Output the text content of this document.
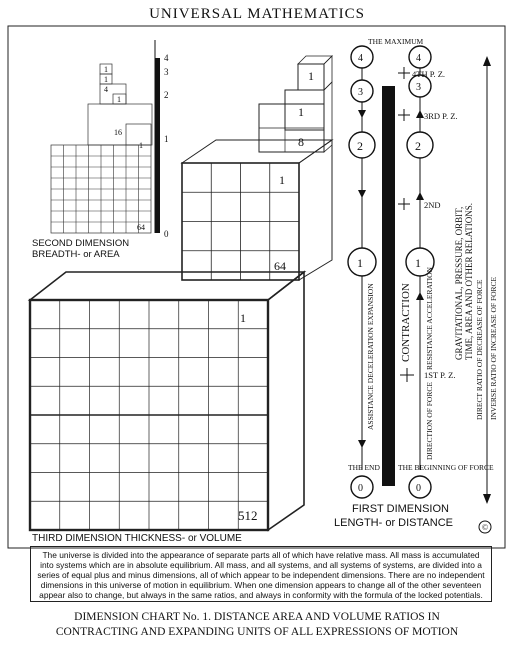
UNIVERSAL MATHEMATICS
1
1
4
1
16
1
64
4
3
2
1
0
SECOND DIMENSION
BREADTH- or AREA
1
1
8
1
64
1
512
THIRD DIMENSION THICKNESS- or VOLUME
4
3
2
1
0
4
3
2
1
0
THE MAXIMUM
4TH P. Z.
3RD P. Z.
2ND
1ST P. Z.
THE END THE BEGINNING OF FORCE
ASSISTANCE DECELERATION EXPANSION CONTRACTION RESISTANCE ACCELERATION
DIRECTION OF FORCE
GRAVITATIONAL, PRESSURE, ORBIT, TIME, AREA AND OTHER RELATIONS. DIRECT RATIO OF DECREASE OF FORCE INVERSE RATIO OF INCREASE OF FORCE
FIRST DIMENSION
LENGTH- or DISTANCE	©
The universe is divided into the appearance of separate parts all of which have relative mass. All mass is accumulated into systems which are in absolute equilibrium. All mass, and all systems, and all systems of systems, are divided into a series of equal plus and minus dimensions, all of which appear to be independent dimensions. There are no independent dimensions in this universe of motion in equilibrium. When one dimension appears to change all of the other seventeen appear also to change, but always in the same ratios, and always in conformity with the formula of the locked potentials.
DIMENSION CHART No. 1. DISTANCE AREA AND VOLUME RATIOS IN
CONTRACTING AND EXPANDING UNITS OF ALL EXPRESSIONS OF MOTION
